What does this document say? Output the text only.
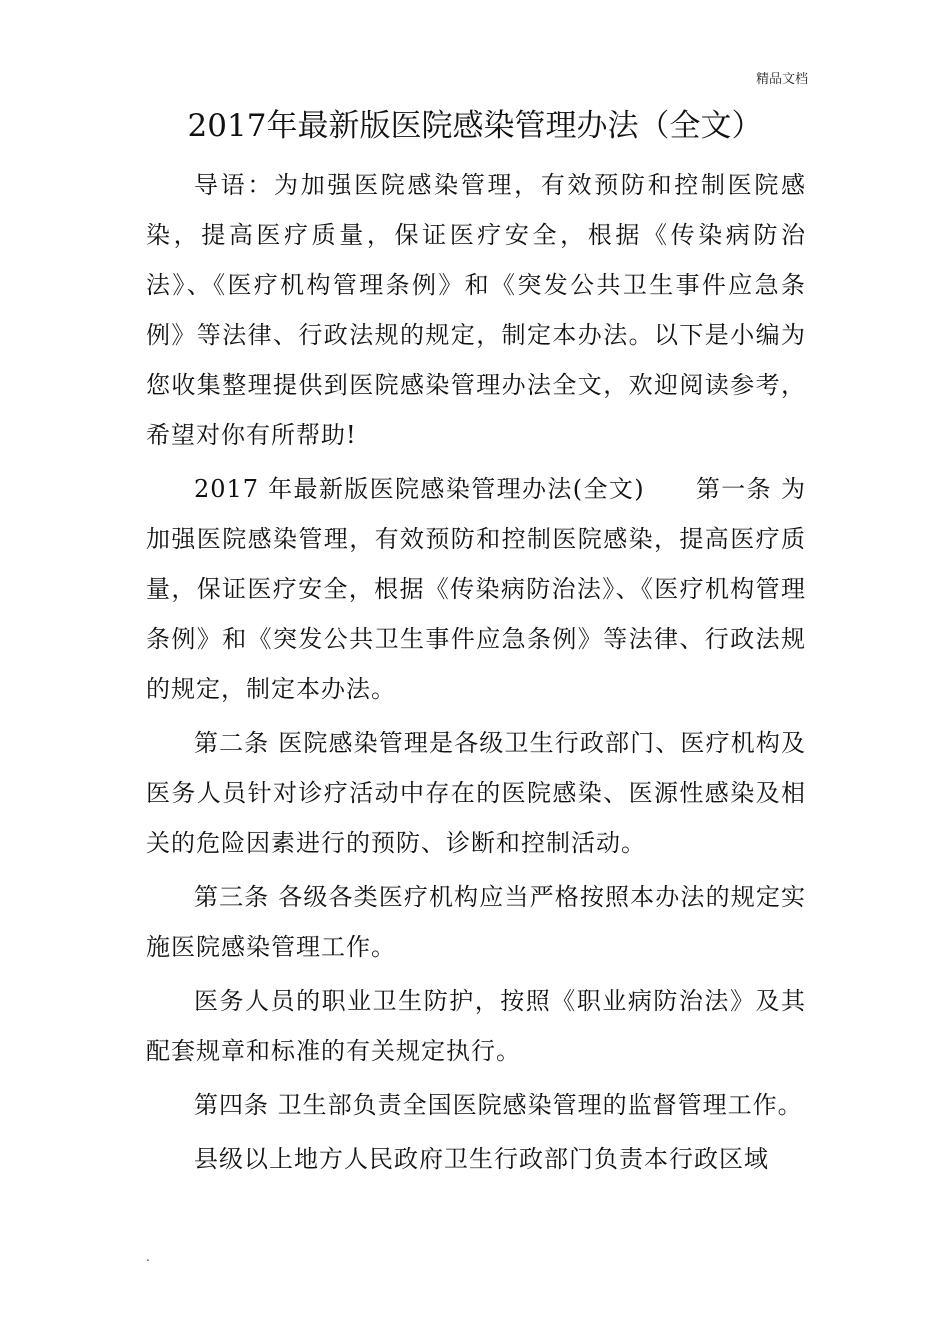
精品文档
2017年最新版医院感染管理办法（全文）

导语：为加强医院感染管理，有效预防和控制医院感染，提高医疗质量，保证医疗安全，根据《传染病防治法》、《医疗机构管理条例》和《突发公共卫生事件应急条例》等法律、行政法规的规定，制定本办法。以下是小编为您收集整理提供到医院感染管理办法全文，欢迎阅读参考，希望对你有所帮助!

2017 年最新版医院感染管理办法(全文)　　第一条 为加强医院感染管理，有效预防和控制医院感染，提高医疗质量，保证医疗安全，根据《传染病防治法》、《医疗机构管理条例》和《突发公共卫生事件应急条例》等法律、行政法规的规定，制定本办法。

第二条 医院感染管理是各级卫生行政部门、医疗机构及医务人员针对诊疗活动中存在的医院感染、医源性感染及相关的危险因素进行的预防、诊断和控制活动。

第三条 各级各类医疗机构应当严格按照本办法的规定实施医院感染管理工作。

医务人员的职业卫生防护，按照《职业病防治法》及其配套规章和标准的有关规定执行。

第四条 卫生部负责全国医院感染管理的监督管理工作。

县级以上地方人民政府卫生行政部门负责本行政区域

.
